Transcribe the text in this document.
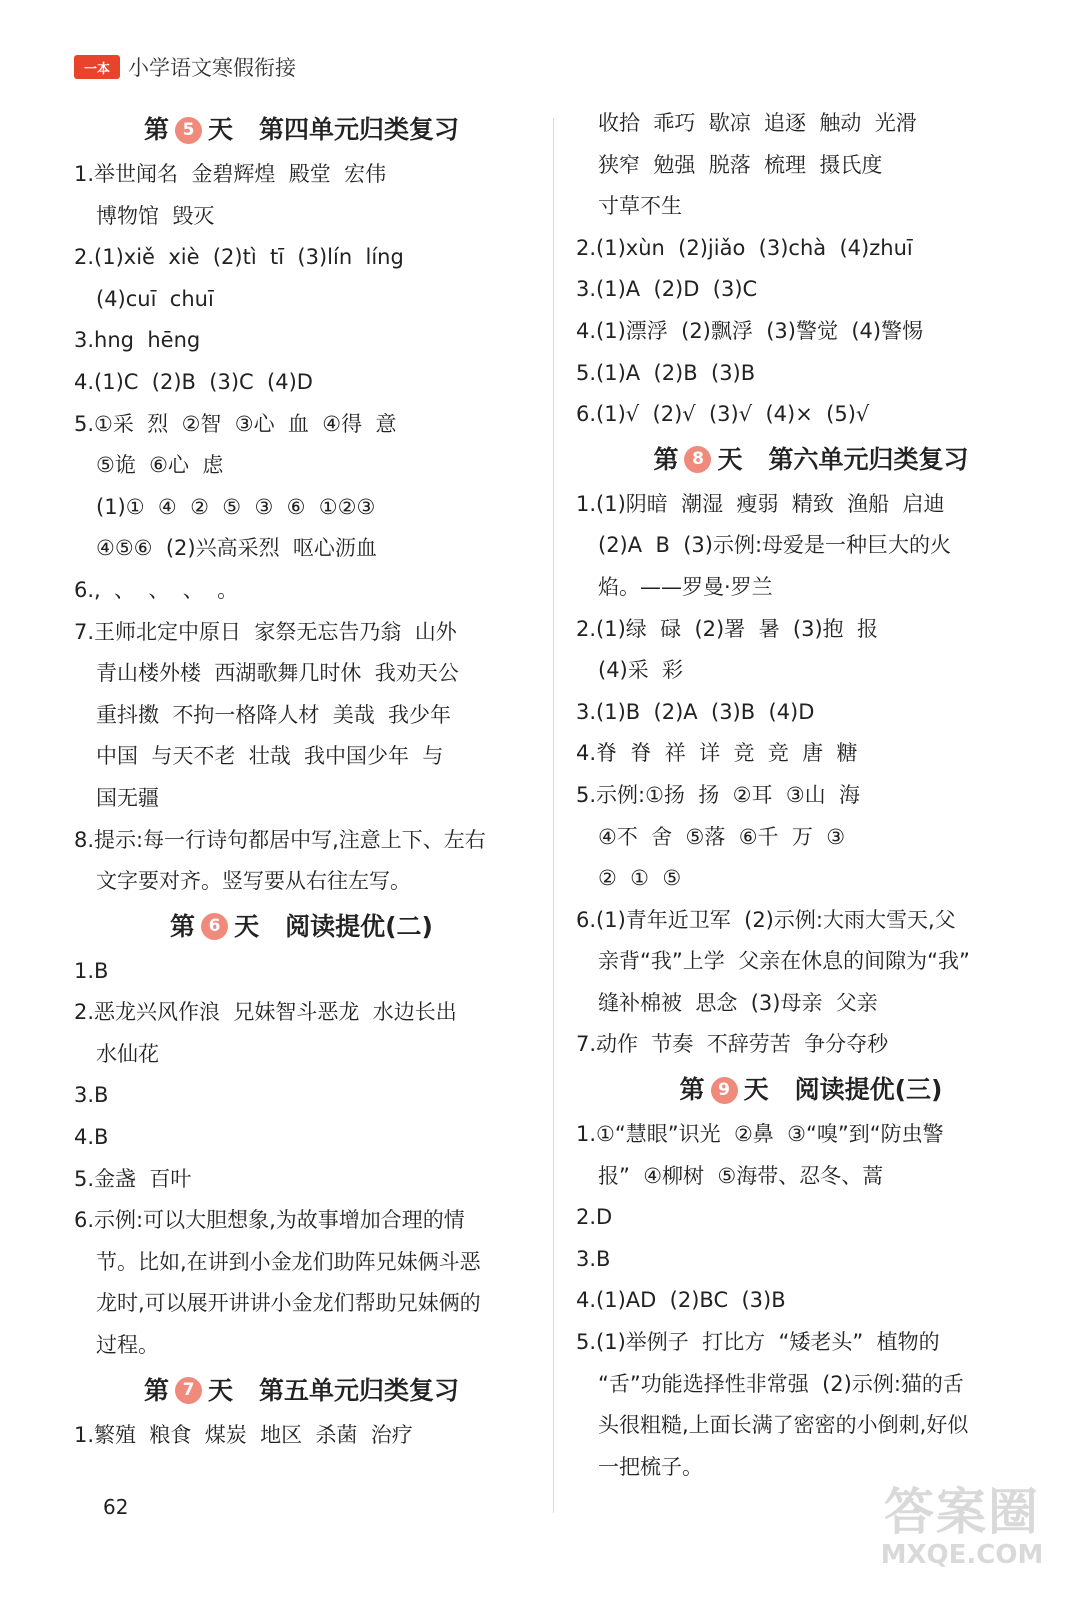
一本 小学语文寒假衔接
第 5 天 第四单元归类复习
1.举世闻名  金碧辉煌  殿堂  宏伟
博物馆  毁灭
2.(1)xiě  xiè  (2)tì  tī  (3)lín  líng
(4)cuī  chuī
3.hng  hēng
4.(1)C  (2)B  (3)C  (4)D
5.①采  烈  ②智  ③心  血  ④得  意
⑤诡  ⑥心  虑
(1)①  ④  ②  ⑤  ③  ⑥  ①②③
④⑤⑥  (2)兴高采烈  呕心沥血
6.,  、  、  、  。
7.王师北定中原日  家祭无忘告乃翁  山外
青山楼外楼  西湖歌舞几时休  我劝天公
重抖擞  不拘一格降人材  美哉  我少年
中国  与天不老  壮哉  我中国少年  与
国无疆
8.提示:每一行诗句都居中写,注意上下、左右
文字要对齐。竖写要从右往左写。
第 6 天 阅读提优(二)
1.B
2.恶龙兴风作浪  兄妹智斗恶龙  水边长出
水仙花
3.B
4.B
5.金盏  百叶
6.示例:可以大胆想象,为故事增加合理的情
节。比如,在讲到小金龙们助阵兄妹俩斗恶
龙时,可以展开讲讲小金龙们帮助兄妹俩的
过程。
第 7 天 第五单元归类复习
1.繁殖  粮食  煤炭  地区  杀菌  治疗
收拾  乖巧  歇凉  追逐  触动  光滑
狭窄  勉强  脱落  梳理  摄氏度
寸草不生
2.(1)xùn  (2)jiǎo  (3)chà  (4)zhuī
3.(1)A  (2)D  (3)C
4.(1)漂浮  (2)飘浮  (3)警觉  (4)警惕
5.(1)A  (2)B  (3)B
6.(1)√  (2)√  (3)√  (4)×  (5)√
第 8 天 第六单元归类复习
1.(1)阴暗  潮湿  瘦弱  精致  渔船  启迪
(2)A  B  (3)示例:母爱是一种巨大的火
焰。——罗曼·罗兰
2.(1)绿  碌  (2)署  暑  (3)抱  报
(4)采  彩
3.(1)B  (2)A  (3)B  (4)D
4.脊  脊  祥  详  竞  竞  唐  糖
5.示例:①扬  扬  ②耳  ③山  海
④不  舍  ⑤落  ⑥千  万  ③
②  ①  ⑤
6.(1)青年近卫军  (2)示例:大雨大雪天,父
亲背“我”上学  父亲在休息的间隙为“我”
缝补棉被  思念  (3)母亲  父亲
7.动作  节奏  不辞劳苦  争分夺秒
第 9 天 阅读提优(三)
1.①“慧眼”识光  ②鼻  ③“嗅”到“防虫警
报”  ④柳树  ⑤海带、忍冬、蒿
2.D
3.B
4.(1)AD  (2)BC  (3)B
5.(1)举例子  打比方  “矮老头”  植物的
“舌”功能选择性非常强  (2)示例:猫的舌
头很粗糙,上面长满了密密的小倒刺,好似
一把梳子。
62	答案圈
MXQE.COM
